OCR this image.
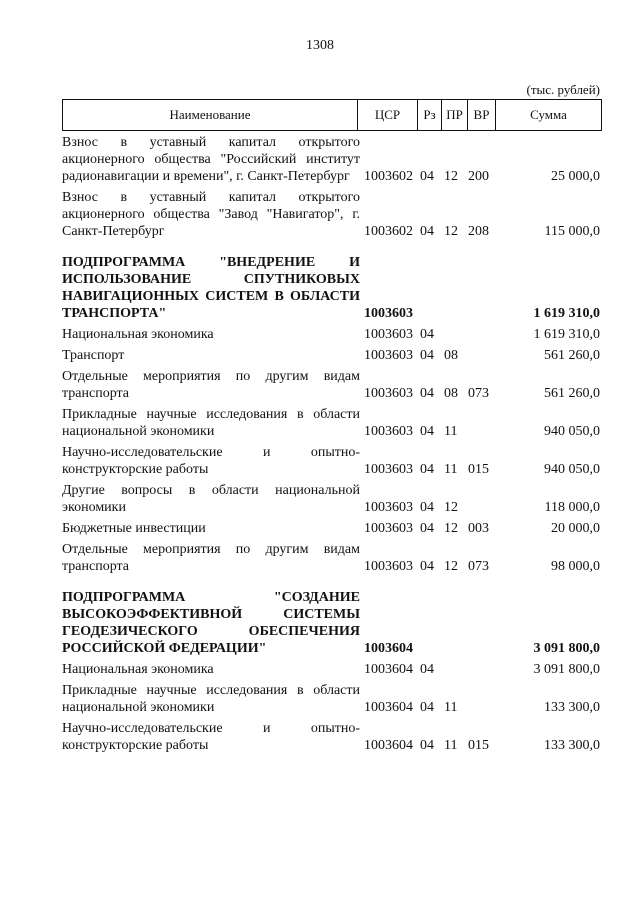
1308
(тыс. рублей)
Наименование	ЦСР	Рз ПР ВР	Сумма
Взнос в уставный капитал открытого акционерного общества "Российский институт радионавигации и времени", г. Санкт-Петербург	1003602 04 12 200	25 000,0
Взнос в уставный капитал открытого акционерного общества "Завод "Навигатор", г. Санкт-Петербург	1003602 04 12 208	115 000,0
ПОДПРОГРАММА "ВНЕДРЕНИЕ И ИСПОЛЬЗОВАНИЕ СПУТНИКОВЫХ НАВИГАЦИОННЫХ СИСТЕМ В ОБЛАСТИ ТРАНСПОРТА"	1003603	1 619 310,0
Национальная экономика	1003603 04	1 619 310,0
Транспорт	1003603 04 08	561 260,0
Отдельные мероприятия по другим видам транспорта	1003603 04 08 073	561 260,0
Прикладные научные исследования в области национальной экономики	1003603 04 11	940 050,0
Научно-исследовательские и опытно-конструкторские работы	1003603 04 11 015	940 050,0
Другие вопросы в области национальной экономики	1003603 04 12	118 000,0
Бюджетные инвестиции	1003603 04 12 003	20 000,0
Отдельные мероприятия по другим видам транспорта	1003603 04 12 073	98 000,0
ПОДПРОГРАММА "СОЗДАНИЕ ВЫСОКОЭФФЕКТИВНОЙ СИСТЕМЫ ГЕОДЕЗИЧЕСКОГО ОБЕСПЕЧЕНИЯ РОССИЙСКОЙ ФЕДЕРАЦИИ"	1003604	3 091 800,0
Национальная экономика	1003604 04	3 091 800,0
Прикладные научные исследования в области национальной экономики	1003604 04 11	133 300,0
Научно-исследовательские и опытно-конструкторские работы	1003604 04 11 015	133 300,0
